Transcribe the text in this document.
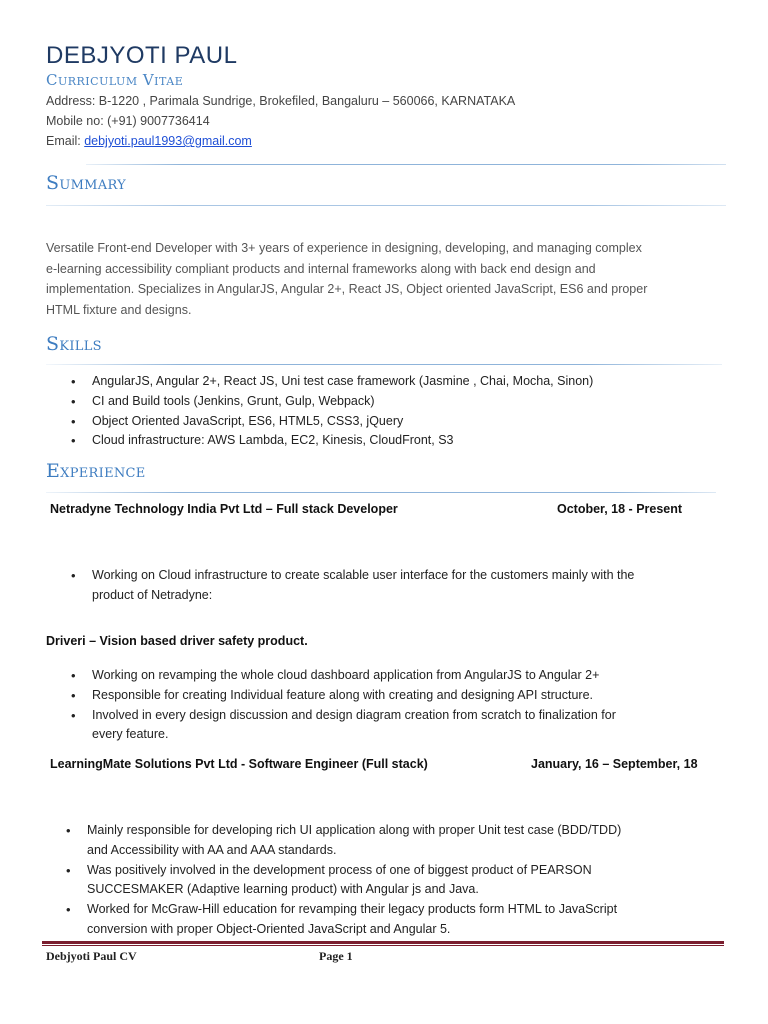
DEBJYOTI PAUL
Curriculum Vitae
Address: B-1220 , Parimala Sundrige, Brokefiled, Bangaluru – 560066, KARNATAKA
Mobile no: (+91) 9007736414
Email: debjyoti.paul1993@gmail.com
Summary
Versatile Front-end Developer with 3+ years of experience in designing, developing, and managing complex
e-learning accessibility compliant products and internal frameworks along with back end design and
implementation. Specializes in AngularJS, Angular 2+, React JS, Object oriented JavaScript, ES6 and proper
HTML fixture and designs.
Skills
• AngularJS, Angular 2+, React JS, Uni test case framework (Jasmine , Chai, Mocha, Sinon)
• CI and Build tools (Jenkins, Grunt, Gulp, Webpack)
• Object Oriented JavaScript, ES6, HTML5, CSS3, jQuery
• Cloud infrastructure: AWS Lambda, EC2, Kinesis, CloudFront, S3
Experience
Netradyne Technology India Pvt Ltd – Full stack Developer	October, 18 - Present
• Working on Cloud infrastructure to create scalable user interface for the customers mainly with the
product of Netradyne:
Driveri – Vision based driver safety product.
• Working on revamping the whole cloud dashboard application from AngularJS to Angular 2+
• Responsible for creating Individual feature along with creating and designing API structure.
• Involved in every design discussion and design diagram creation from scratch to finalization for
every feature.
LearningMate Solutions Pvt Ltd - Software Engineer (Full stack)	January, 16 – September, 18
• Mainly responsible for developing rich UI application along with proper Unit test case (BDD/TDD)
and Accessibility with AA and AAA standards.
• Was positively involved in the development process of one of biggest product of PEARSON
SUCCESMAKER (Adaptive learning product) with Angular js and Java.
• Worked for McGraw-Hill education for revamping their legacy products form HTML to JavaScript
conversion with proper Object-Oriented JavaScript and Angular 5.
Debjyoti Paul CV	Page 1
